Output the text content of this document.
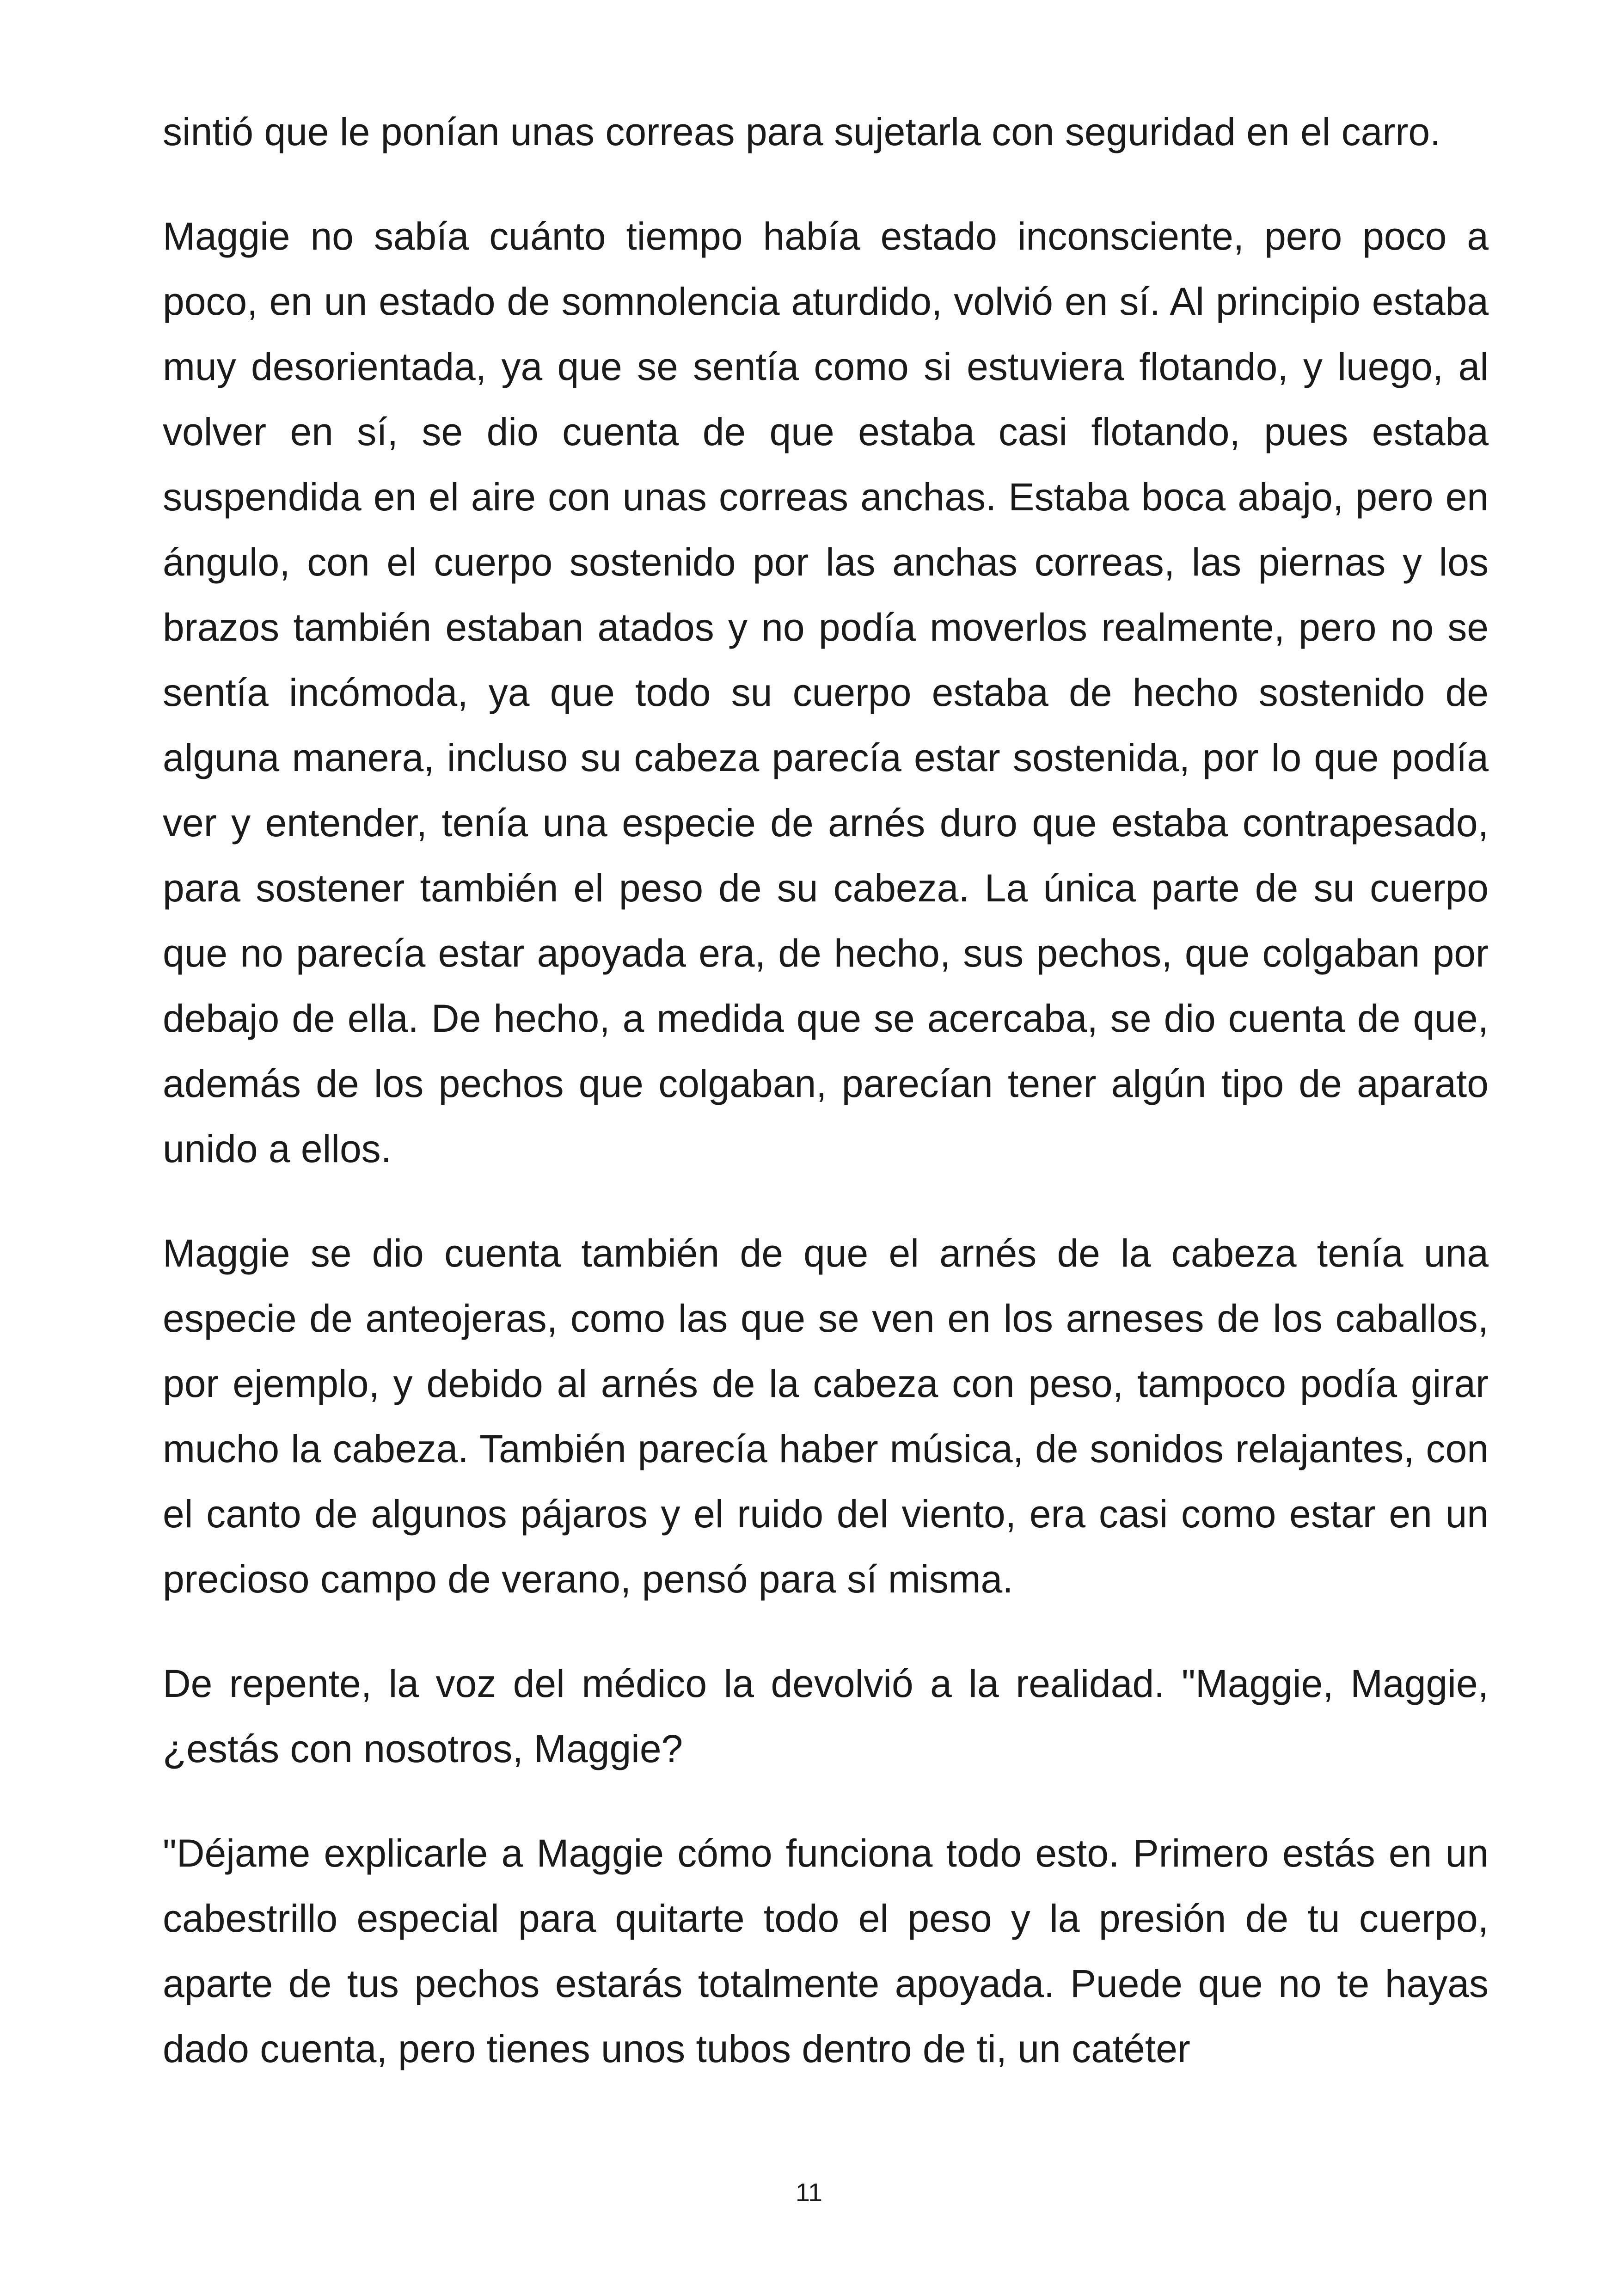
sintió que le ponían unas correas para sujetarla con seguridad en el carro.

Maggie no sabía cuánto tiempo había estado inconsciente, pero poco a poco, en un estado de somnolencia aturdido, volvió en sí. Al principio estaba muy desorientada, ya que se sentía como si estuviera flotando, y luego, al volver en sí, se dio cuenta de que estaba casi flotando, pues estaba suspendida en el aire con unas correas anchas. Estaba boca abajo, pero en ángulo, con el cuerpo sostenido por las anchas correas, las piernas y los brazos también estaban atados y no podía moverlos realmente, pero no se sentía incómoda, ya que todo su cuerpo estaba de hecho sostenido de alguna manera, incluso su cabeza parecía estar sostenida, por lo que podía ver y entender, tenía una especie de arnés duro que estaba contrapesado, para sostener también el peso de su cabeza. La única parte de su cuerpo que no parecía estar apoyada era, de hecho, sus pechos, que colgaban por debajo de ella. De hecho, a medida que se acercaba, se dio cuenta de que, además de los pechos que colgaban, parecían tener algún tipo de aparato unido a ellos.

Maggie se dio cuenta también de que el arnés de la cabeza tenía una especie de anteojeras, como las que se ven en los arneses de los caballos, por ejemplo, y debido al arnés de la cabeza con peso, tampoco podía girar mucho la cabeza. También parecía haber música, de sonidos relajantes, con el canto de algunos pájaros y el ruido del viento, era casi como estar en un precioso campo de verano, pensó para sí misma.

De repente, la voz del médico la devolvió a la realidad. "Maggie, Maggie, ¿estás con nosotros, Maggie?

"Déjame explicarle a Maggie cómo funciona todo esto. Primero estás en un cabestrillo especial para quitarte todo el peso y la presión de tu cuerpo, aparte de tus pechos estarás totalmente apoyada. Puede que no te hayas dado cuenta, pero tienes unos tubos dentro de ti, un catéter

11
